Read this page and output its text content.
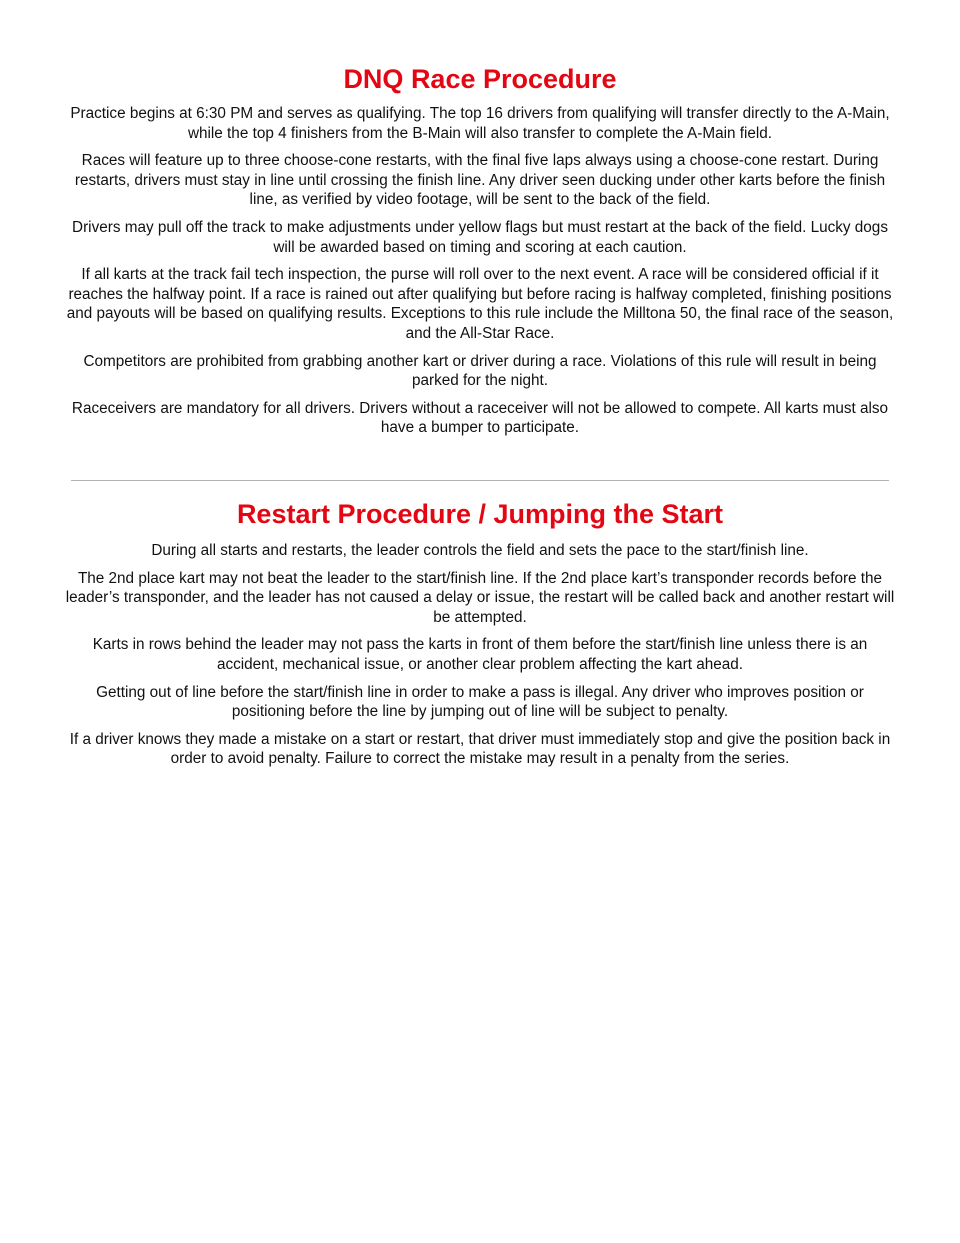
DNQ Race Procedure

Practice begins at 6:30 PM and serves as qualifying. The top 16 drivers from qualifying will transfer directly to the A-Main, while the top 4 finishers from the B-Main will also transfer to complete the A-Main field.

Races will feature up to three choose-cone restarts, with the final five laps always using a choose-cone restart. During restarts, drivers must stay in line until crossing the finish line. Any driver seen ducking under other karts before the finish line, as verified by video footage, will be sent to the back of the field.

Drivers may pull off the track to make adjustments under yellow flags but must restart at the back of the field. Lucky dogs will be awarded based on timing and scoring at each caution.

If all karts at the track fail tech inspection, the purse will roll over to the next event. A race will be considered official if it reaches the halfway point. If a race is rained out after qualifying but before racing is halfway completed, finishing positions and payouts will be based on qualifying results. Exceptions to this rule include the Milltona 50, the final race of the season, and the All-Star Race.

Competitors are prohibited from grabbing another kart or driver during a race. Violations of this rule will result in being parked for the night.

Raceceivers are mandatory for all drivers. Drivers without a raceceiver will not be allowed to compete. All karts must also have a bumper to participate.

Restart Procedure / Jumping the Start

During all starts and restarts, the leader controls the field and sets the pace to the start/finish line.

The 2nd place kart may not beat the leader to the start/finish line. If the 2nd place kart’s transponder records before the leader’s transponder, and the leader has not caused a delay or issue, the restart will be called back and another restart will be attempted.

Karts in rows behind the leader may not pass the karts in front of them before the start/finish line unless there is an accident, mechanical issue, or another clear problem affecting the kart ahead.

Getting out of line before the start/finish line in order to make a pass is illegal. Any driver who improves position or positioning before the line by jumping out of line will be subject to penalty.

If a driver knows they made a mistake on a start or restart, that driver must immediately stop and give the position back in order to avoid penalty. Failure to correct the mistake may result in a penalty from the series.
